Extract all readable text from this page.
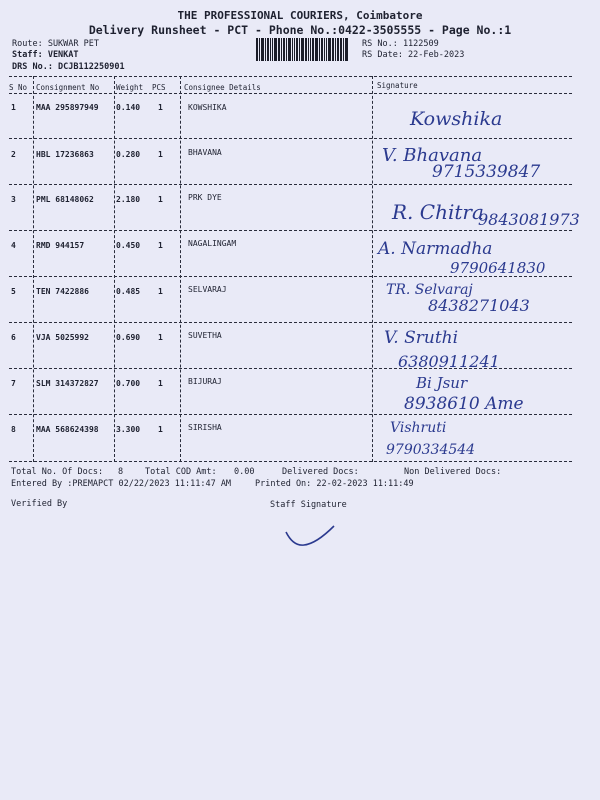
THE PROFESSIONAL COURIERS, Coimbatore
Delivery Runsheet - PCT - Phone No.:0422-3505555 - Page No.:1
Route: SUKWAR PET
Staff: VENKAT
DRS No.: DCJB112250901
RS No.: 1122509
RS Date: 22-Feb-2023
S No Consignment No Weight PCS Consignee Details	Signature
1	MAA 295897949 0.140 1	KOWSHIKA
Kowshika
2	HBL 17236863	0.280 1	BHAVANA	V. Bhavana
9715339847
3	PML 68148062	2.180 1	PRK DYE
R. Chitra
9843081973
4	RMD 944157	0.450 1	NAGALINGAM	A. Narmadha
9790641830
5	TEN 7422886	0.485 1	SELVARAJ	TR. Selvaraj
8438271043
6	VJA 5025992	0.690 1	SUVETHA	V. Sruthi
6380911241
7	SLM 314372827 0.700 1	BIJURAJ	Bi Jsur
8938610 Ame
8	MAA 568624398 3.300 1	SIRISHA	Vishruti
9790334544
Total No. Of Docs: 8	Total COD Amt: 0.00	Delivered Docs:	Non Delivered Docs:
Entered By :PREMAPCT 02/22/2023 11:11:47 AM	Printed On: 22-02-2023 11:11:49
Verified By	Staff Signature
